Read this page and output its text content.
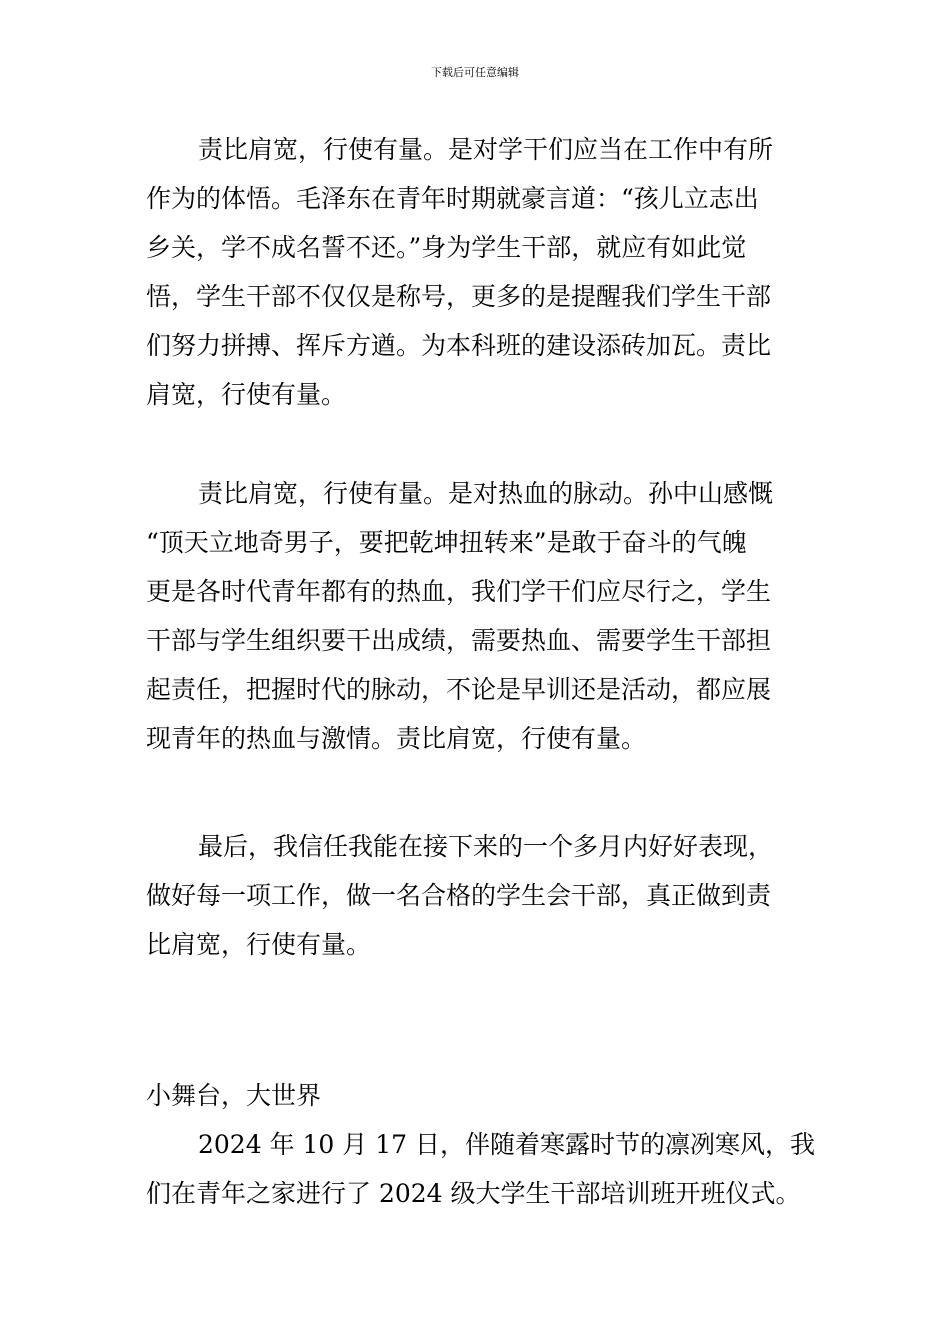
下载后可任意编辑
责比肩宽，行使有量。是对学干们应当在工作中有所
作为的体悟。毛泽东在青年时期就豪言道：“孩儿立志出
乡关，学不成名誓不还。”身为学生干部，就应有如此觉
悟，学生干部不仅仅是称号，更多的是提醒我们学生干部
们努力拼搏、挥斥方遒。为本科班的建设添砖加瓦。责比
肩宽，行使有量。
责比肩宽，行使有量。是对热血的脉动。孙中山感慨
“顶天立地奇男子，要把乾坤扭转来”是敢于奋斗的气魄
更是各时代青年都有的热血，我们学干们应尽行之，学生
干部与学生组织要干出成绩，需要热血、需要学生干部担
起责任，把握时代的脉动，不论是早训还是活动，都应展
现青年的热血与激情。责比肩宽，行使有量。
最后，我信任我能在接下来的一个多月内好好表现，
做好每一项工作，做一名合格的学生会干部，真正做到责
比肩宽，行使有量。
小舞台，大世界
2024 年 10 月 17 日，伴随着寒露时节的凛冽寒风，我
们在青年之家进行了 2024 级大学生干部培训班开班仪式。
